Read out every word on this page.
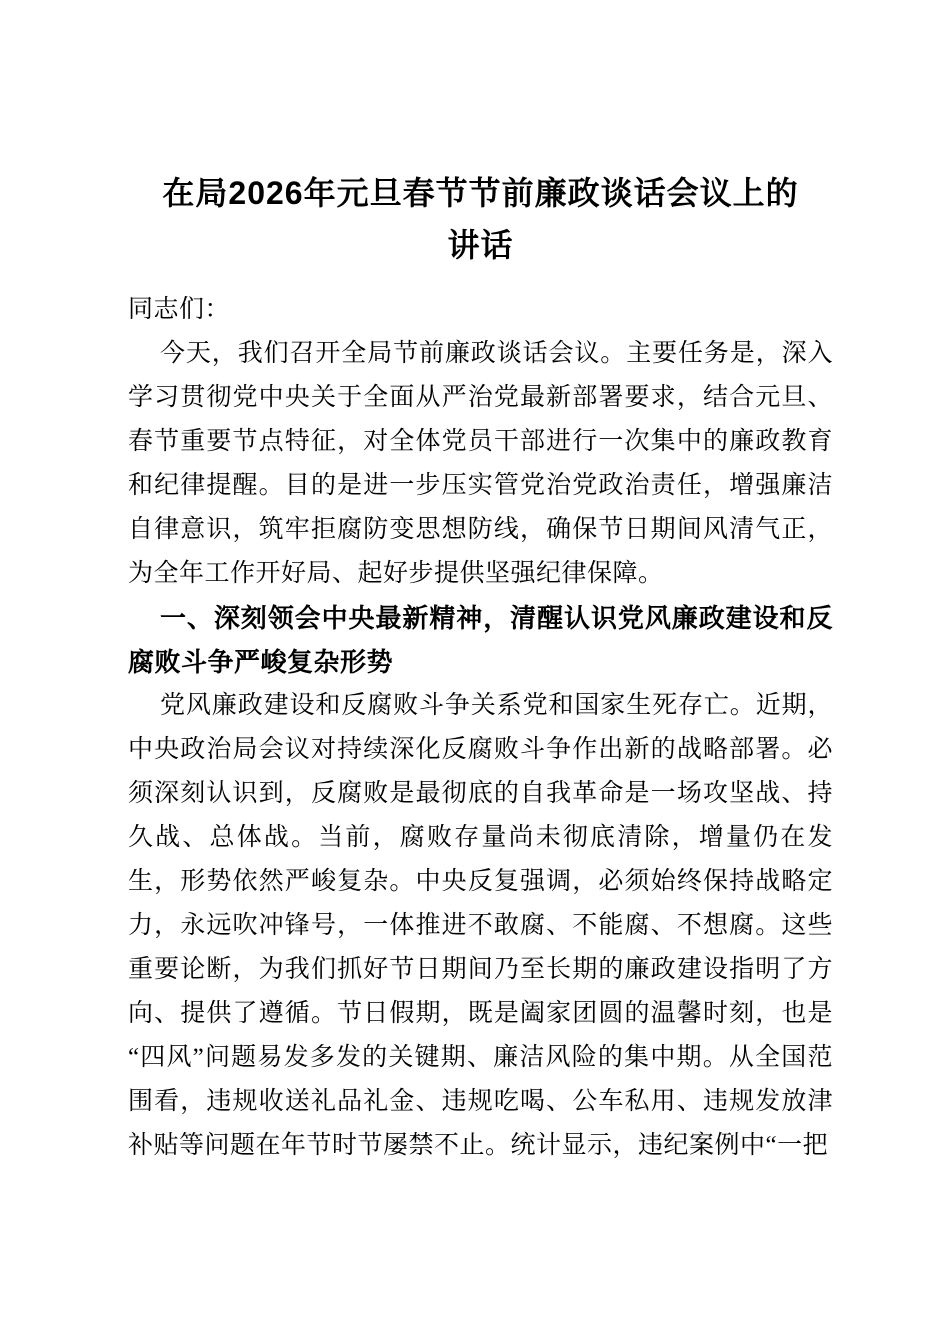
在局2026年元旦春节节前廉政谈话会议上的讲话

同志们：

今天，我们召开全局节前廉政谈话会议。主要任务是，深入学习贯彻党中央关于全面从严治党最新部署要求，结合元旦、春节重要节点特征，对全体党员干部进行一次集中的廉政教育和纪律提醒。目的是进一步压实管党治党政治责任，增强廉洁自律意识，筑牢拒腐防变思想防线，确保节日期间风清气正，为全年工作开好局、起好步提供坚强纪律保障。

一、深刻领会中央最新精神，清醒认识党风廉政建设和反腐败斗争严峻复杂形势

党风廉政建设和反腐败斗争关系党和国家生死存亡。近期，中央政治局会议对持续深化反腐败斗争作出新的战略部署。必须深刻认识到，反腐败是最彻底的自我革命是一场攻坚战、持久战、总体战。当前，腐败存量尚未彻底清除，增量仍在发生，形势依然严峻复杂。中央反复强调，必须始终保持战略定力，永远吹冲锋号，一体推进不敢腐、不能腐、不想腐。这些重要论断，为我们抓好节日期间乃至长期的廉政建设指明了方向、提供了遵循。节日假期，既是阖家团圆的温馨时刻，也是“四风”问题易发多发的关键期、廉洁风险的集中期。从全国范围看，违规收送礼品礼金、违规吃喝、公车私用、违规发放津补贴等问题在年节时节屡禁不止。统计显示，违纪案例中“一把
